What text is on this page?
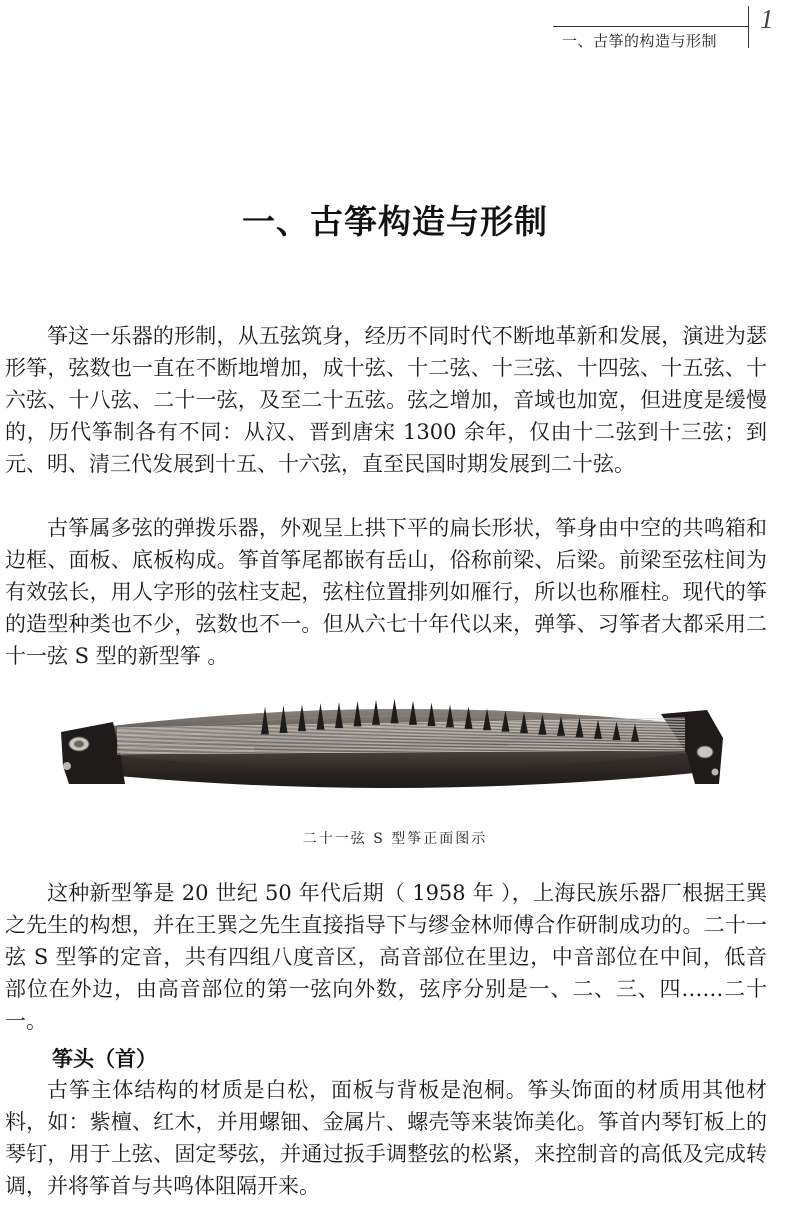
一、古筝的构造与形制
1
一、古筝构造与形制

筝这一乐器的形制，从五弦筑身，经历不同时代不断地革新和发展，演进为瑟形筝，弦数也一直在不断地增加，成十弦、十二弦、十三弦、十四弦、十五弦、十六弦、十八弦、二十一弦，及至二十五弦。弦之增加，音域也加宽，但进度是缓慢的，历代筝制各有不同：从汉、晋到唐宋 1300 余年，仅由十二弦到十三弦；到元、明、清三代发展到十五、十六弦，直至民国时期发展到二十弦。

古筝属多弦的弹拨乐器，外观呈上拱下平的扁长形状，筝身由中空的共鸣箱和边框、面板、底板构成。筝首筝尾都嵌有岳山，俗称前梁、后梁。前梁至弦柱间为有效弦长，用人字形的弦柱支起，弦柱位置排列如雁行，所以也称雁柱。现代的筝的造型种类也不少，弦数也不一。但从六七十年代以来，弹筝、习筝者大都采用二十一弦 S 型的新型筝 。

二十一弦 S 型筝正面图示

这种新型筝是 20 世纪 50 年代后期（ 1958 年 ），上海民族乐器厂根据王巽之先生的构想，并在王巽之先生直接指导下与缪金林师傅合作研制成功的。二十一弦 S 型筝的定音，共有四组八度音区，高音部位在里边，中音部位在中间，低音部位在外边，由高音部位的第一弦向外数，弦序分别是一、二、三、四……二十一。

筝头（首）

古筝主体结构的材质是白松，面板与背板是泡桐。筝头饰面的材质用其他材料，如：紫檀、红木，并用螺钿、金属片、螺壳等来装饰美化。筝首内琴钉板上的琴钉，用于上弦、固定琴弦，并通过扳手调整弦的松紧，来控制音的高低及完成转调，并将筝首与共鸣体阻隔开来。
